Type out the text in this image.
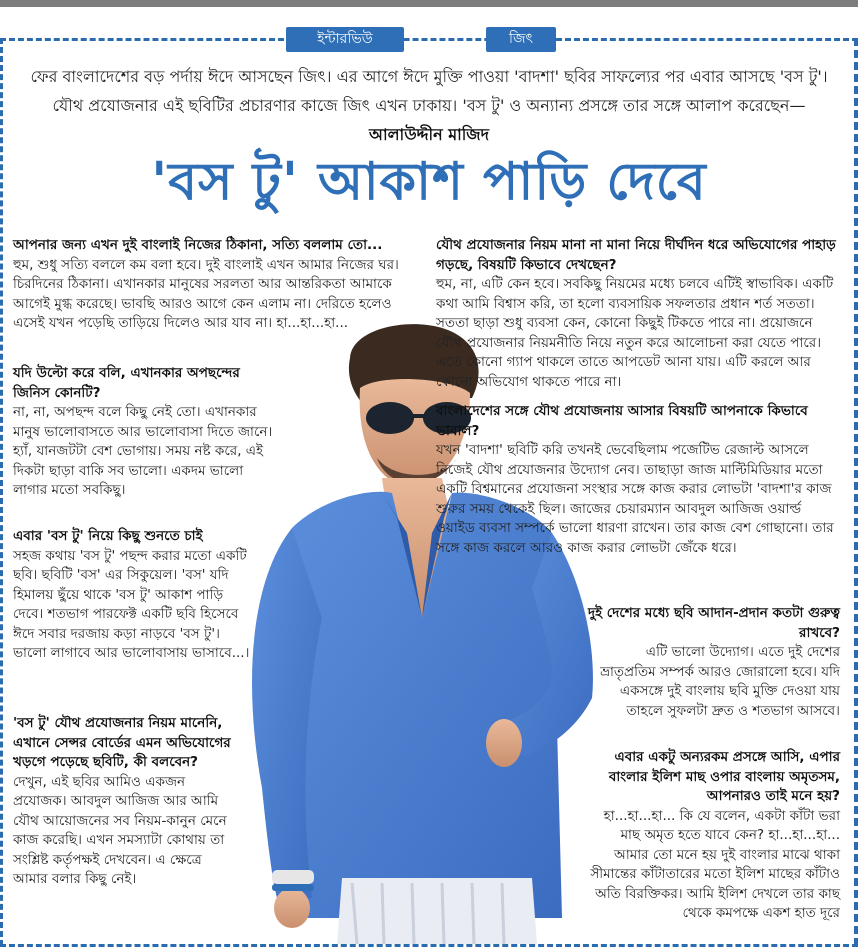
ইন্টারভিউ	জিৎ
ফের বাংলাদেশের বড় পর্দায় ঈদে আসছেন জিৎ। এর আগে ঈদে মুক্তি পাওয়া 'বাদশা' ছবির সাফল্যের পর এবার আসছে 'বস টু'। যৌথ প্রযোজনার এই ছবিটির প্রচারণার কাজে জিৎ এখন ঢাকায়। 'বস টু' ও অন্যান্য প্রসঙ্গে তার সঙ্গে আলাপ করেছেন— আলাউদ্দীন মাজিদ
'বস টু' আকাশ পাড়ি দেবে
আপনার জন্য এখন দুই বাংলাই নিজের ঠিকানা, সত্যি বললাম তো...
হুম, শুধু সত্যি বললে কম বলা হবে। দুই বাংলাই এখন আমার নিজের ঘর। চিরদিনের ঠিকানা। এখানকার মানুষের সরলতা আর আন্তরিকতা আমাকে আগেই মুগ্ধ করেছে। ভাবছি আরও আগে কেন এলাম না। দেরিতে হলেও এসেই যখন পড়েছি তাড়িয়ে দিলেও আর যাব না। হা...হা...হা...
যদি উল্টো করে বলি, এখানকার অপছন্দের জিনিস কোনটি?
না, না, অপছন্দ বলে কিছু নেই তো। এখানকার মানুষ ভালোবাসতে আর ভালোবাসা দিতে জানে। হ্যাঁ, যানজটটা বেশ ভোগায়। সময় নষ্ট করে, এই দিকটা ছাড়া বাকি সব ভালো। একদম ভালো লাগার মতো সবকিছু।
এবার 'বস টু' নিয়ে কিছু শুনতে চাই
সহজ কথায় 'বস টু' পছন্দ করার মতো একটি ছবি। ছবিটি 'বস' এর সিকুয়েল। 'বস' যদি হিমালয় ছুঁয়ে থাকে 'বস টু' আকাশ পাড়ি দেবে। শতভাগ পারফেক্ট একটি ছবি হিসেবে ঈদে সবার দরজায় কড়া নাড়বে 'বস টু'। ভালো লাগাবে আর ভালোবাসায় ভাসাবে...।
'বস টু' যৌথ প্রযোজনার নিয়ম মানেনি, এখানে সেন্সর বোর্ডের এমন অভিযোগের খড়গে পড়েছে ছবিটি, কী বলবেন?
দেখুন, এই ছবির আমিও একজন প্রযোজক। আবদুল আজিজ আর আমি যৌথ আয়োজনের সব নিয়ম-কানুন মেনে কাজ করেছি। এখন সমস্যাটা কোথায় তা সংশ্লিষ্ট কর্তৃপক্ষই দেখবেন। এ ক্ষেত্রে আমার বলার কিছু নেই।
যৌথ প্রযোজনার নিয়ম মানা না মানা নিয়ে দীর্ঘদিন ধরে অভিযোগের পাহাড় গড়ছে, বিষয়টি কিভাবে দেখছেন?
হুম, না, এটি কেন হবে। সবকিছু নিয়মের মধ্যে চলবে এটিই স্বাভাবিক। একটি কথা আমি বিশ্বাস করি, তা হলো ব্যবসায়িক সফলতার প্রধান শর্ত সততা। সততা ছাড়া শুধু ব্যবসা কেন, কোনো কিছুই টিকতে পারে না। প্রয়োজনে যৌথ প্রযোজনার নিয়মনীতি নিয়ে নতুন করে আলোচনা করা যেতে পারে। এতে কোনো গ্যাপ থাকলে তাতে আপডেট আনা যায়। এটি করলে আর কোনো অভিযোগ থাকতে পারে না।
বাংলাদেশের সঙ্গে যৌথ প্রযোজনায় আসার বিষয়টি আপনাকে কিভাবে ভাবাল?
যখন 'বাদশা' ছবিটি করি তখনই ভেবেছিলাম পজেটিভ রেজাল্ট আসলে নিজেই যৌথ প্রযোজনার উদ্যোগ নেব। তাছাড়া জাজ মাল্টিমিডিয়ার মতো একটি বিশ্বমানের প্রযোজনা সংস্থার সঙ্গে কাজ করার লোভটা 'বাদশা'র কাজ শুরুর সময় থেকেই ছিল। জাজের চেয়ারম্যান আবদুল আজিজ ওয়ার্ল্ড ওয়াইড ব্যবসা সম্পর্কে ভালো ধারণা রাখেন। তার কাজ বেশ গোছানো। তার সঙ্গে কাজ করলে আরও কাজ করার লোভটা জেঁকে ধরে।
দুই দেশের মধ্যে ছবি আদান-প্রদান কতটা গুরুত্ব রাখবে?
এটি ভালো উদ্যোগ। এতে দুই দেশের ভ্রাতৃপ্রতিম সম্পর্ক আরও জোরালো হবে। যদি একসঙ্গে দুই বাংলায় ছবি মুক্তি দেওয়া যায় তাহলে সুফলটা দ্রুত ও শতভাগ আসবে।
এবার একটু অন্যরকম প্রসঙ্গে আসি, এপার বাংলার ইলিশ মাছ ওপার বাংলায় অমৃতসম, আপনারও তাই মনে হয়?
হা...হা...হা... কি যে বলেন, একটা কাঁটা ভরা মাছ অমৃত হতে যাবে কেন? হা...হা...হা... আমার তো মনে হয় দুই বাংলার মাঝে থাকা সীমান্তের কাঁটাতারের মতো ইলিশ মাছের কাঁটাও অতি বিরক্তিকর। আমি ইলিশ দেখলে তার কাছ থেকে কমপক্ষে একশ হাত দূরে
